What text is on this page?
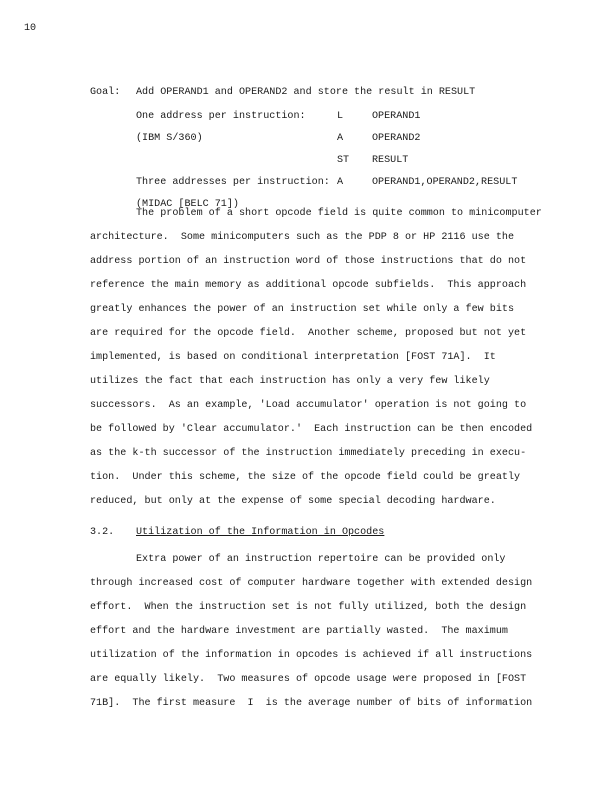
10
Goal: Add OPERAND1 and OPERAND2 and store the result in RESULT
One address per instruction:	L	OPERAND1
(IBM S/360)	A	OPERAND2
ST RESULT
Three addresses per instruction: A	OPERAND1,OPERAND2,RESULT
(MIDAC [BELC 71])
The problem of a short opcode field is quite common to minicomputer
architecture.  Some minicomputers such as the PDP 8 or HP 2116 use the
address portion of an instruction word of those instructions that do not
reference the main memory as additional opcode subfields.  This approach
greatly enhances the power of an instruction set while only a few bits
are required for the opcode field.  Another scheme, proposed but not yet
implemented, is based on conditional interpretation [FOST 71A].  It
utilizes the fact that each instruction has only a very few likely
successors.  As an example, 'Load accumulator' operation is not going to
be followed by 'Clear accumulator.'  Each instruction can be then encoded
as the k-th successor of the instruction immediately preceding in execu-
tion.  Under this scheme, the size of the opcode field could be greatly
reduced, but only at the expense of some special decoding hardware.
3.2. Utilization of the Information in Opcodes
Extra power of an instruction repertoire can be provided only
through increased cost of computer hardware together with extended design
effort.  When the instruction set is not fully utilized, both the design
effort and the hardware investment are partially wasted.  The maximum
utilization of the information in opcodes is achieved if all instructions
are equally likely.  Two measures of opcode usage were proposed in [FOST
71B].  The first measure  I  is the average number of bits of information
